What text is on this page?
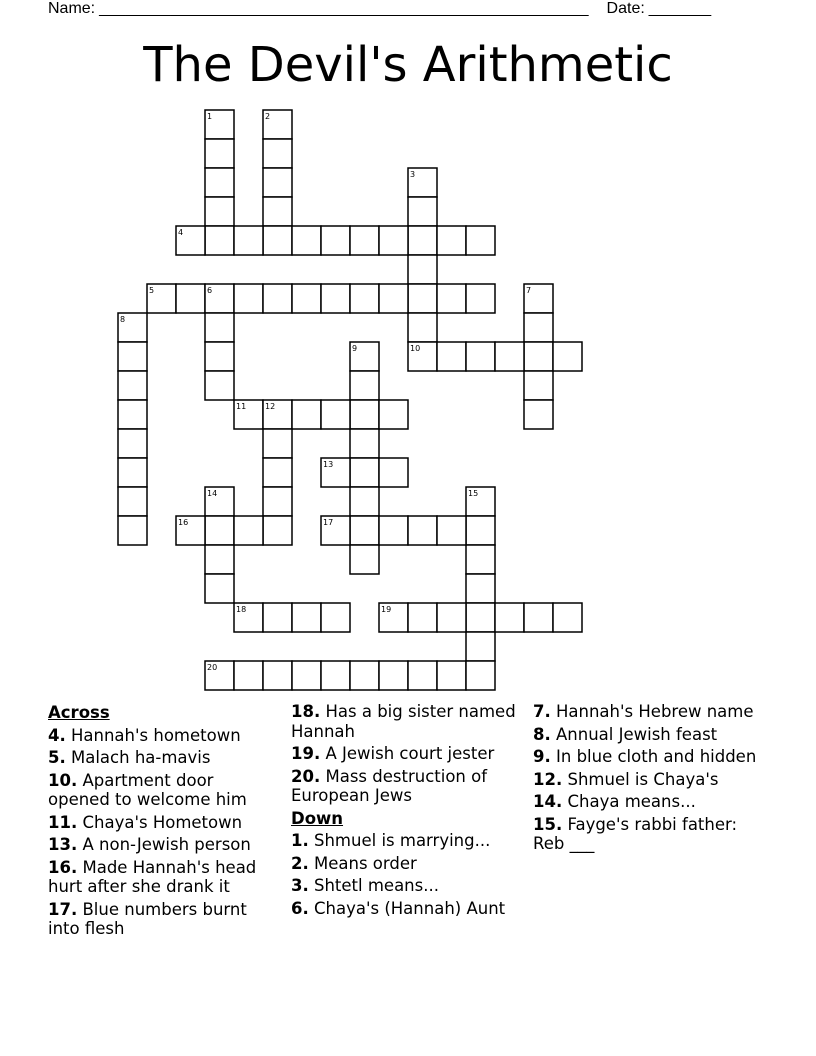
Name: _______________________________________________________ Date: _______
The Devil's Arithmetic
1	2
3
4
5	6	7
8
9	10
11 12
13
14	15
16	17
18	19
20
Across
4. Hannah's hometown
5. Malach ha-mavis
10. Apartment door opened to welcome him
11. Chaya's Hometown
13. A non-Jewish person
16. Made Hannah's head hurt after she drank it
17. Blue numbers burnt into flesh
18. Has a big sister named Hannah
19. A Jewish court jester
20. Mass destruction of European Jews
Down
1. Shmuel is marrying...
2. Means order
3. Shtetl means...
6. Chaya's (Hannah) Aunt
7. Hannah's Hebrew name
8. Annual Jewish feast
9. In blue cloth and hidden
12. Shmuel is Chaya's
14. Chaya means...
15. Fayge's rabbi father: Reb ___
